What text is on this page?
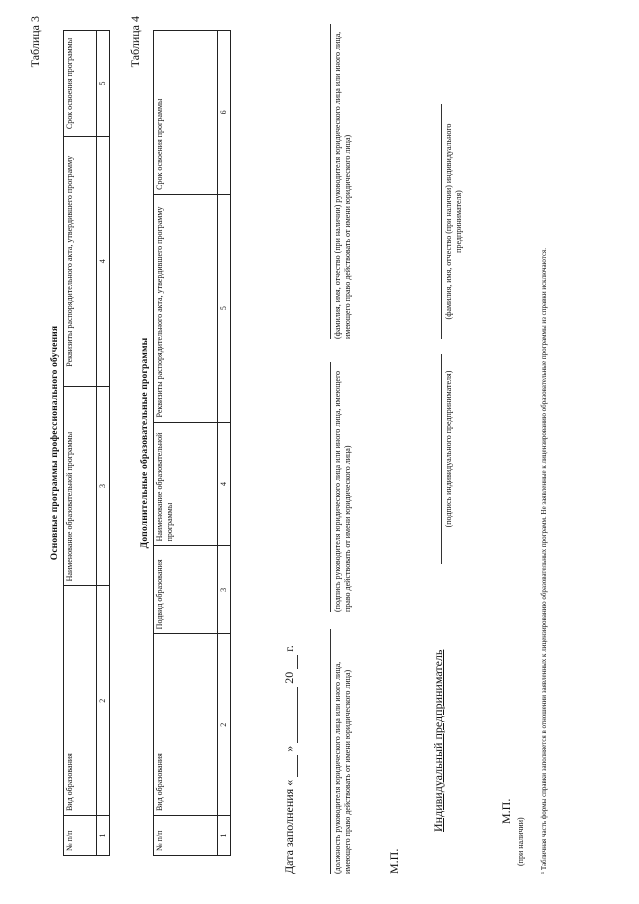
Таблица 3
Основные программы профессионального обучения
№ п/п	Вид образования	Наименование образовательной программы	Реквизиты распорядительного акта, утвердившего программу	Срок освоения программы
1	2	3	4	5
Таблица 4
Дополнительные образовательные программы
№ п/п	Вид образования	Подвид образования	Наименование образовательной программы	Реквизиты распорядительного акта, утвердившего программу	Срок освоения программы
1	2	3	4	5	6
Дата заполнения «   »   20   г.
(должность руководителя юридического лица или иного лица, имеющего право действовать от имени юридического лица)
(подпись руководителя юридического лица или иного лица, имеющего право действовать от имени юридического лица)
(фамилия, имя, отчество (при наличии) руководителя юридического лица или иного лица, имеющего право действовать от имени юридического лица)
М.П.
Индивидуальный предприниматель
(подпись индивидуального предпринимателя)
(фамилия, имя, отчество (при наличии) индивидуального предпринимателя)
М.П.
(при наличии) ¹ Табличная часть формы справки заполняется в отношении заявленных к лицензированию образовательных программ. Не заявленные к лицензированию образовательные программы из справки исключаются.
